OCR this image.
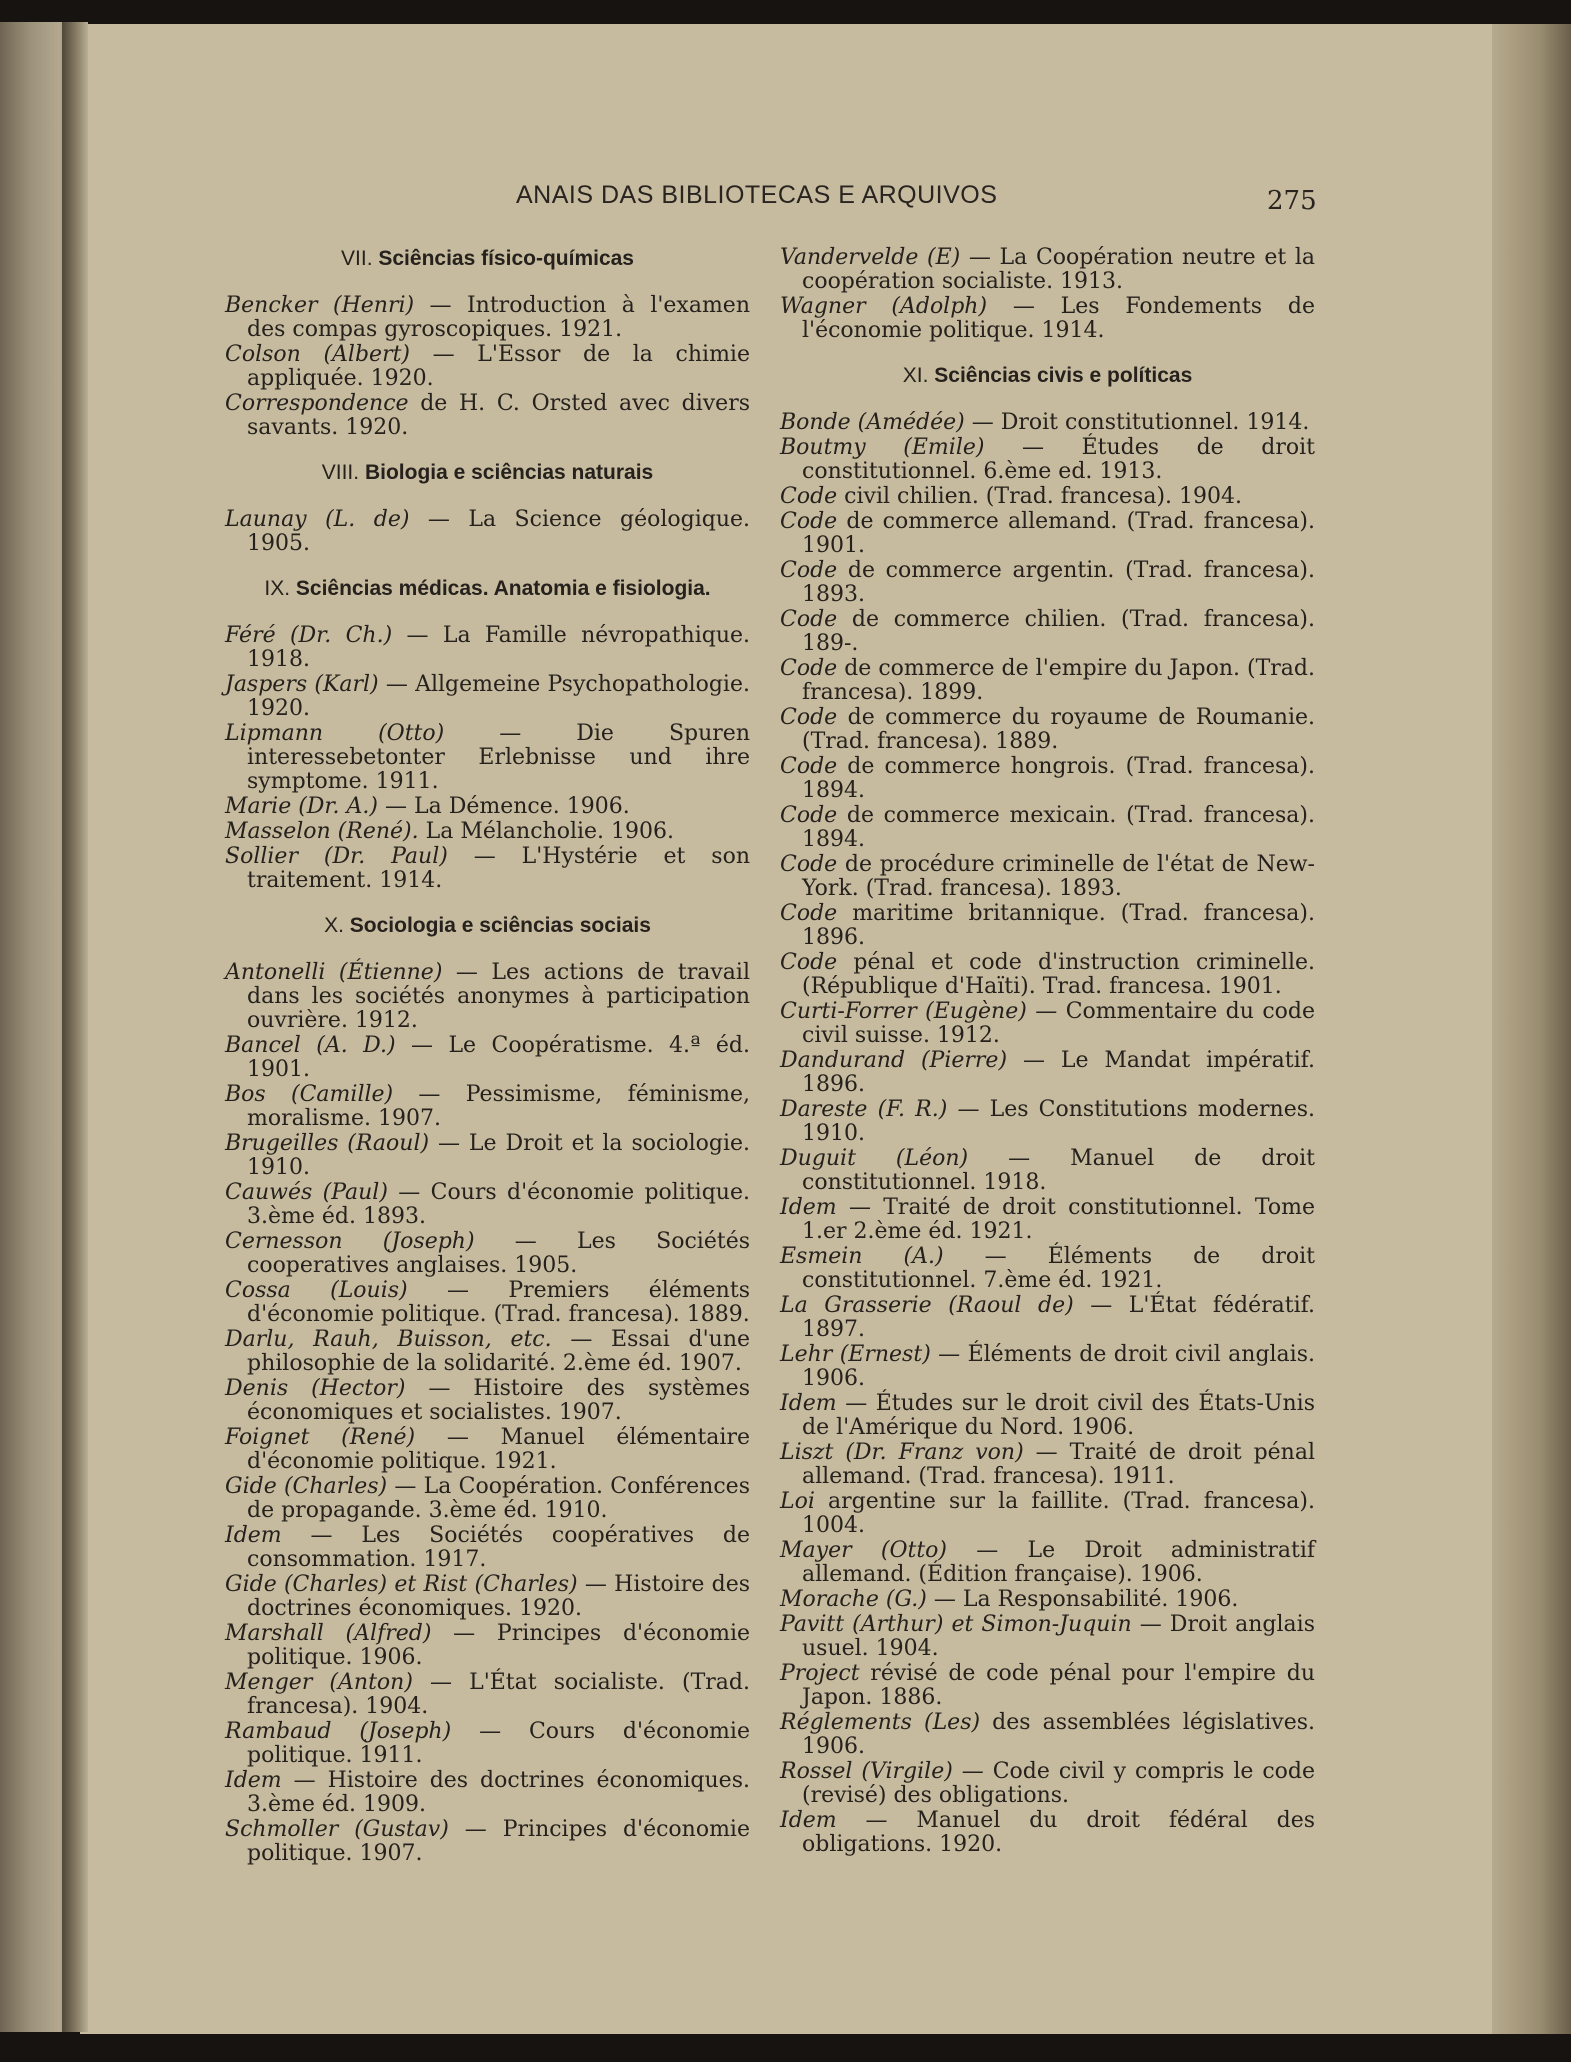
ANAIS DAS BIBLIOTECAS E ARQUIVOS	275
VII. Sciências físico-químicas
Bencker (Henri) — Introduction à l'examen des compas gyroscopiques. 1921.
Colson (Albert) — L'Essor de la chimie appliquée. 1920.
Correspondence de H. C. Orsted avec divers savants. 1920.
VIII. Biologia e sciências naturais
Launay (L. de) — La Science géologique. 1905.
IX. Sciências médicas. Anatomia e fisiologia.
Féré (Dr. Ch.) — La Famille névropathique. 1918.
Jaspers (Karl) — Allgemeine Psychopathologie. 1920.
Lipmann (Otto) — Die Spuren interessebetonter Erlebnisse und ihre symptome. 1911.
Marie (Dr. A.) — La Démence. 1906.
Masselon (René). La Mélancholie. 1906.
Sollier (Dr. Paul) — L'Hystérie et son traitement. 1914.
X. Sociologia e sciências sociais
Antonelli (Étienne) — Les actions de travail dans les sociétés anonymes à participation ouvrière. 1912.
Bancel (A. D.) — Le Coopératisme. 4.ª éd. 1901.
Bos (Camille) — Pessimisme, féminisme, moralisme. 1907.
Brugeilles (Raoul) — Le Droit et la sociologie. 1910.
Cauwés (Paul) — Cours d'économie politique. 3.ème éd. 1893.
Cernesson (Joseph) — Les Sociétés cooperatives anglaises. 1905.
Cossa (Louis) — Premiers éléments d'économie politique. (Trad. francesa). 1889.
Darlu, Rauh, Buisson, etc. — Essai d'une philosophie de la solidarité. 2.ème éd. 1907.
Denis (Hector) — Histoire des systèmes économiques et socialistes. 1907.
Foignet (René) — Manuel élémentaire d'économie politique. 1921.
Gide (Charles) — La Coopération. Conférences de propagande. 3.ème éd. 1910.
Idem — Les Sociétés coopératives de consommation. 1917.
Gide (Charles) et Rist (Charles) — Histoire des doctrines économiques. 1920.
Marshall (Alfred) — Principes d'économie politique. 1906.
Menger (Anton) — L'État socialiste. (Trad. francesa). 1904.
Rambaud (Joseph) — Cours d'économie politique. 1911.
Idem — Histoire des doctrines économiques. 3.ème éd. 1909.
Schmoller (Gustav) — Principes d'économie politique. 1907.
Vandervelde (E) — La Coopération neutre et la coopération socialiste. 1913.
Wagner (Adolph) — Les Fondements de l'économie politique. 1914.
XI. Sciências civis e políticas
Bonde (Amédée) — Droit constitutionnel. 1914.
Boutmy (Emile) — Études de droit constitutionnel. 6.ème ed. 1913.
Code civil chilien. (Trad. francesa). 1904.
Code de commerce allemand. (Trad. francesa). 1901.
Code de commerce argentin. (Trad. francesa). 1893.
Code de commerce chilien. (Trad. francesa). 189-.
Code de commerce de l'empire du Japon. (Trad. francesa). 1899.
Code de commerce du royaume de Roumanie. (Trad. francesa). 1889.
Code de commerce hongrois. (Trad. francesa). 1894.
Code de commerce mexicain. (Trad. francesa). 1894.
Code de procédure criminelle de l'état de New-York. (Trad. francesa). 1893.
Code maritime britannique. (Trad. francesa). 1896.
Code pénal et code d'instruction criminelle. (République d'Haïti). Trad. francesa. 1901.
Curti-Forrer (Eugène) — Commentaire du code civil suisse. 1912.
Dandurand (Pierre) — Le Mandat impératif. 1896.
Dareste (F. R.) — Les Constitutions modernes. 1910.
Duguit (Léon) — Manuel de droit constitutionnel. 1918.
Idem — Traité de droit constitutionnel. Tome 1.er 2.ème éd. 1921.
Esmein (A.) — Éléments de droit constitutionnel. 7.ème éd. 1921.
La Grasserie (Raoul de) — L'État fédératif. 1897.
Lehr (Ernest) — Éléments de droit civil anglais. 1906.
Idem — Études sur le droit civil des États-Unis de l'Amérique du Nord. 1906.
Liszt (Dr. Franz von) — Traité de droit pénal allemand. (Trad. francesa). 1911.
Loi argentine sur la faillite. (Trad. francesa). 1004.
Mayer (Otto) — Le Droit administratif allemand. (Édition française). 1906.
Morache (G.) — La Responsabilité. 1906.
Pavitt (Arthur) et Simon-Juquin — Droit anglais usuel. 1904.
Project révisé de code pénal pour l'empire du Japon. 1886.
Réglements (Les) des assemblées législatives. 1906.
Rossel (Virgile) — Code civil y compris le code (revisé) des obligations.
Idem — Manuel du droit fédéral des obligations. 1920.
